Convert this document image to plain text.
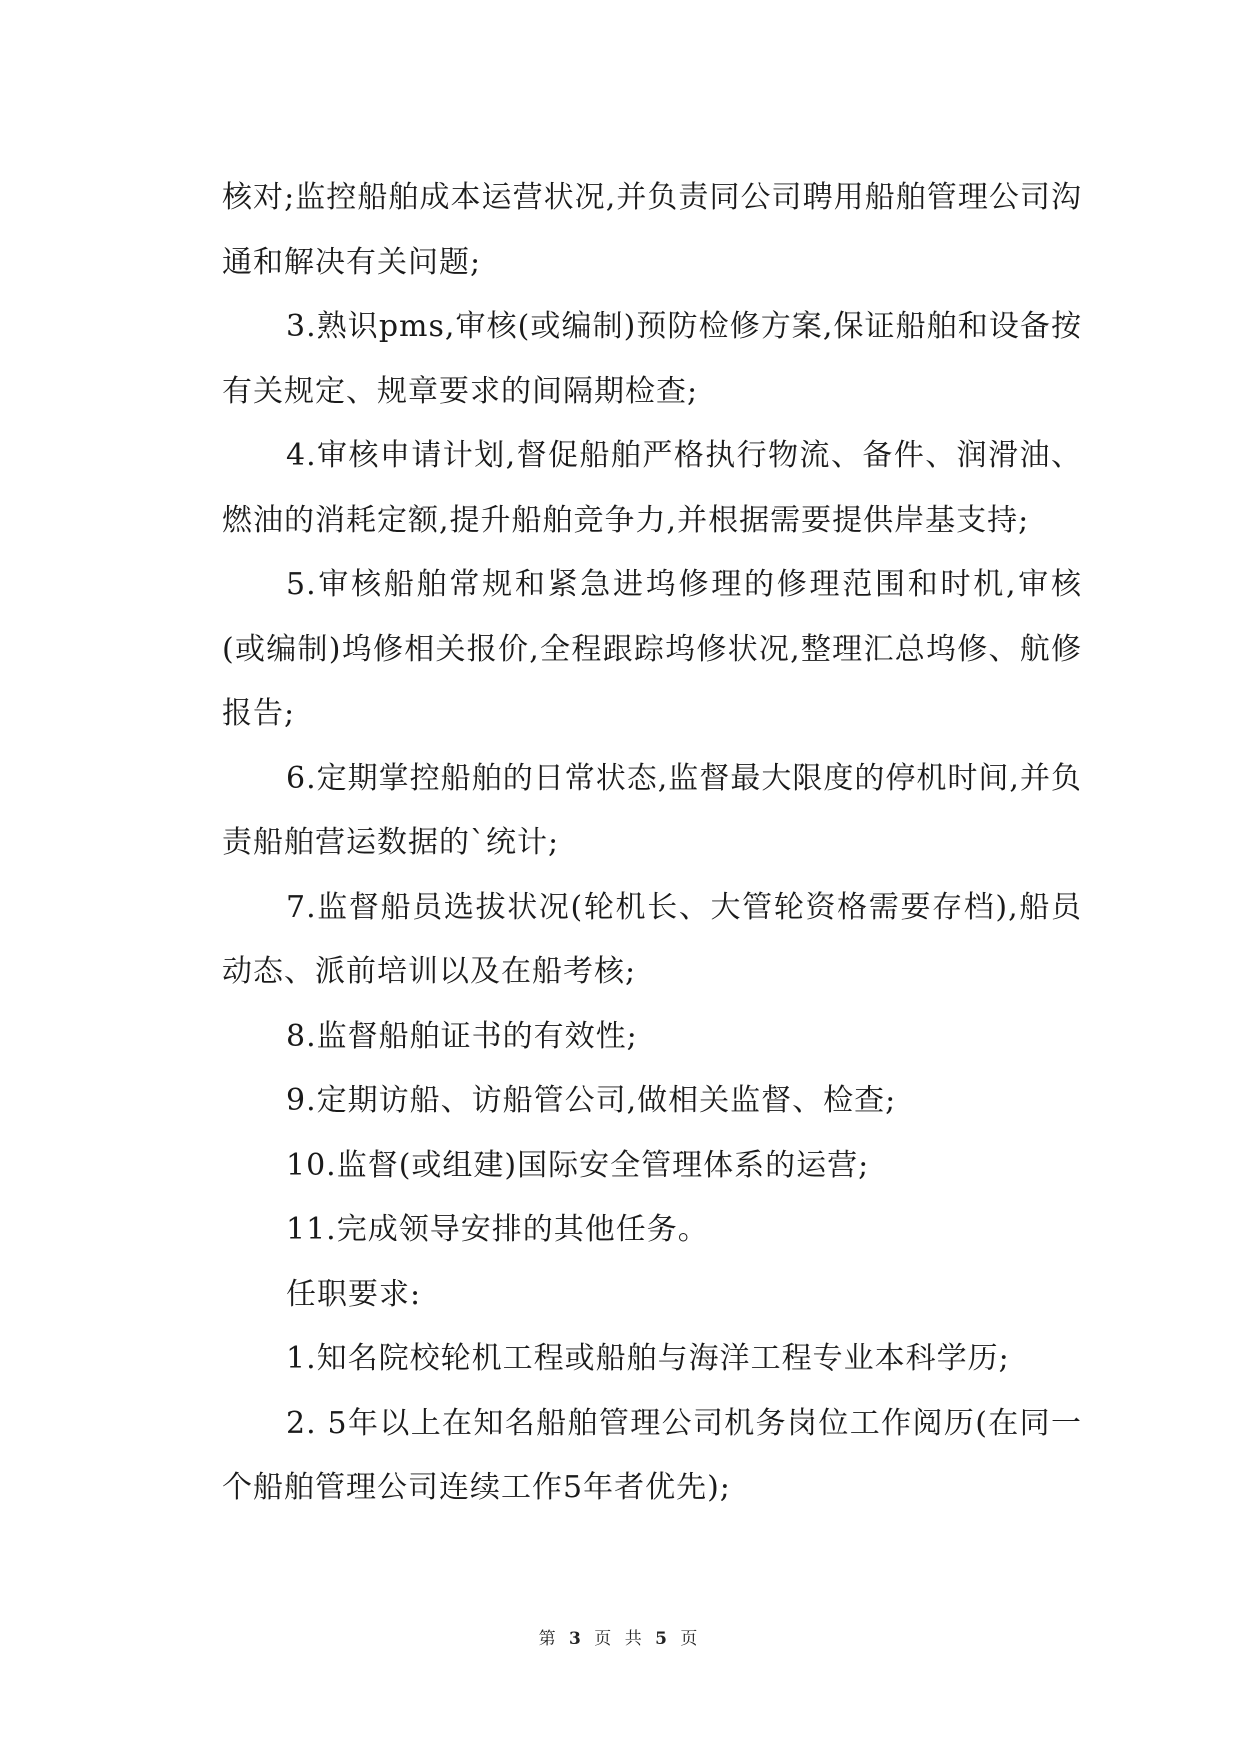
核对;监控船舶成本运营状况,并负责同公司聘用船舶管理公司沟通和解决有关问题;

3.熟识pms,审核(或编制)预防检修方案,保证船舶和设备按有关规定、规章要求的间隔期检查;

4.审核申请计划,督促船舶严格执行物流、备件、润滑油、燃油的消耗定额,提升船舶竞争力,并根据需要提供岸基支持;

5.审核船舶常规和紧急进坞修理的修理范围和时机,审核(或编制)坞修相关报价,全程跟踪坞修状况,整理汇总坞修、航修报告;

6.定期掌控船舶的日常状态,监督最大限度的停机时间,并负责船舶营运数据的`统计;

7.监督船员选拔状况(轮机长、大管轮资格需要存档),船员动态、派前培训以及在船考核;

8.监督船舶证书的有效性;

9.定期访船、访船管公司,做相关监督、检查;

10.监督(或组建)国际安全管理体系的运营;

11.完成领导安排的其他任务。

任职要求:

1.知名院校轮机工程或船舶与海洋工程专业本科学历;

2. 5年以上在知名船舶管理公司机务岗位工作阅历(在同一个船舶管理公司连续工作5年者优先);

第 3 页 共 5 页
